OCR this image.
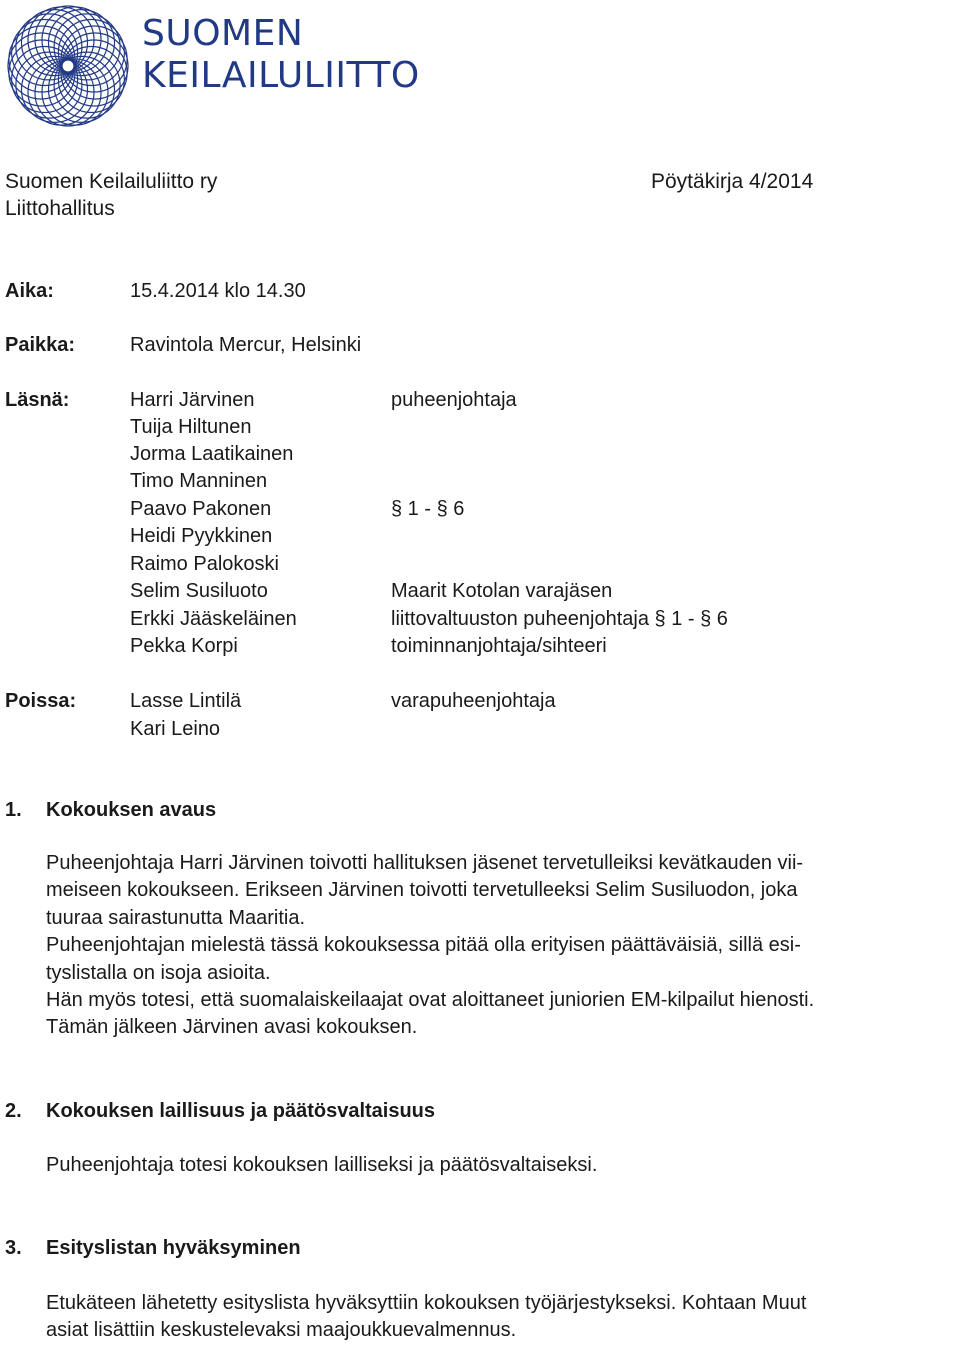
SUOMEN
KEILAILULIITTO
Suomen Keilailuliitto ry	Pöytäkirja 4/2014
Liittohallitus
Aika:	15.4.2014 klo 14.30
Paikka:	Ravintola Mercur, Helsinki
Läsnä:	Harri Järvinen	puheenjohtaja
Tuija Hiltunen
Jorma Laatikainen
Timo Manninen
Paavo Pakonen	§ 1 - § 6
Heidi Pyykkinen
Raimo Palokoski
Selim Susiluoto	Maarit Kotolan varajäsen
Erkki Jääskeläinen	liittovaltuuston puheenjohtaja § 1 - § 6
Pekka Korpi	toiminnanjohtaja/sihteeri
Poissa:	Lasse Lintilä	varapuheenjohtaja
Kari Leino
1. Kokouksen avaus
Puheenjohtaja Harri Järvinen toivotti hallituksen jäsenet tervetulleiksi kevätkauden vii-
meiseen kokoukseen. Erikseen Järvinen toivotti tervetulleeksi Selim Susiluodon, joka
tuuraa sairastunutta Maaritia.
Puheenjohtajan mielestä tässä kokouksessa pitää olla erityisen päättäväisiä, sillä esi-
tyslistalla on isoja asioita.
Hän myös totesi, että suomalaiskeilaajat ovat aloittaneet juniorien EM-kilpailut hienosti.
Tämän jälkeen Järvinen avasi kokouksen.
2. Kokouksen laillisuus ja päätösvaltaisuus
Puheenjohtaja totesi kokouksen lailliseksi ja päätösvaltaiseksi.
3. Esityslistan hyväksyminen
Etukäteen lähetetty esityslista hyväksyttiin kokouksen työjärjestykseksi. Kohtaan Muut
asiat lisättiin keskustelevaksi maajoukkuevalmennus.
